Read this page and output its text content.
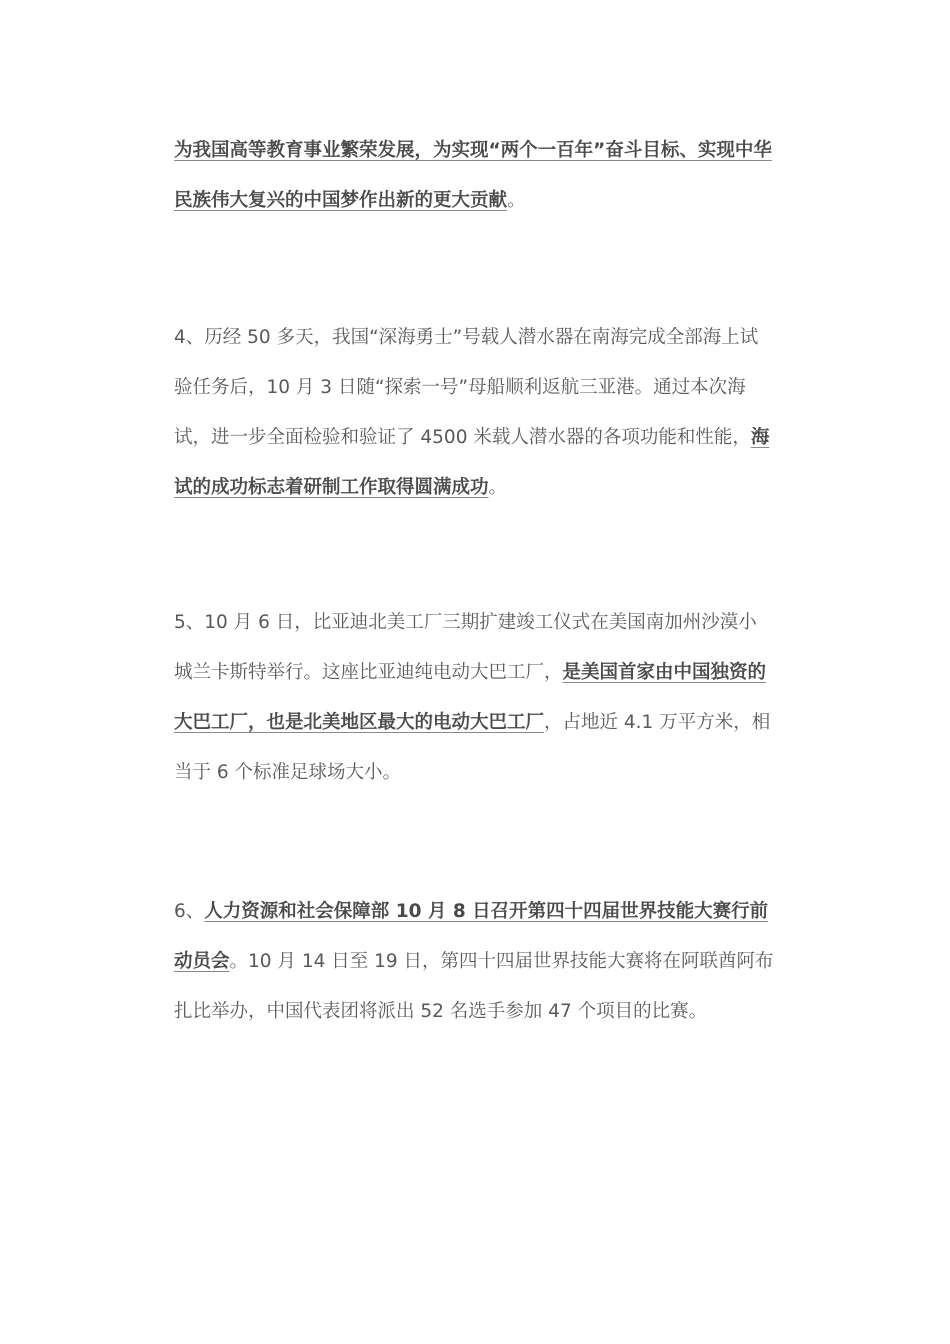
为我国高等教育事业繁荣发展，为实现“两个一百年”奋斗目标、实现中华民族伟大复兴的中国梦作出新的更大贡献。

4、历经 50 多天，我国“深海勇士”号载人潜水器在南海完成全部海上试验任务后，10 月 3 日随“探索一号”母船顺利返航三亚港。通过本次海试，进一步全面检验和验证了 4500 米载人潜水器的各项功能和性能，海试的成功标志着研制工作取得圆满成功。

5、10 月 6 日，比亚迪北美工厂三期扩建竣工仪式在美国南加州沙漠小城兰卡斯特举行。这座比亚迪纯电动大巴工厂，是美国首家由中国独资的大巴工厂，也是北美地区最大的电动大巴工厂，占地近 4.1 万平方米，相当于 6 个标准足球场大小。

6、人力资源和社会保障部 10 月 8 日召开第四十四届世界技能大赛行前动员会。10 月 14 日至 19 日，第四十四届世界技能大赛将在阿联酋阿布扎比举办，中国代表团将派出 52 名选手参加 47 个项目的比赛。
